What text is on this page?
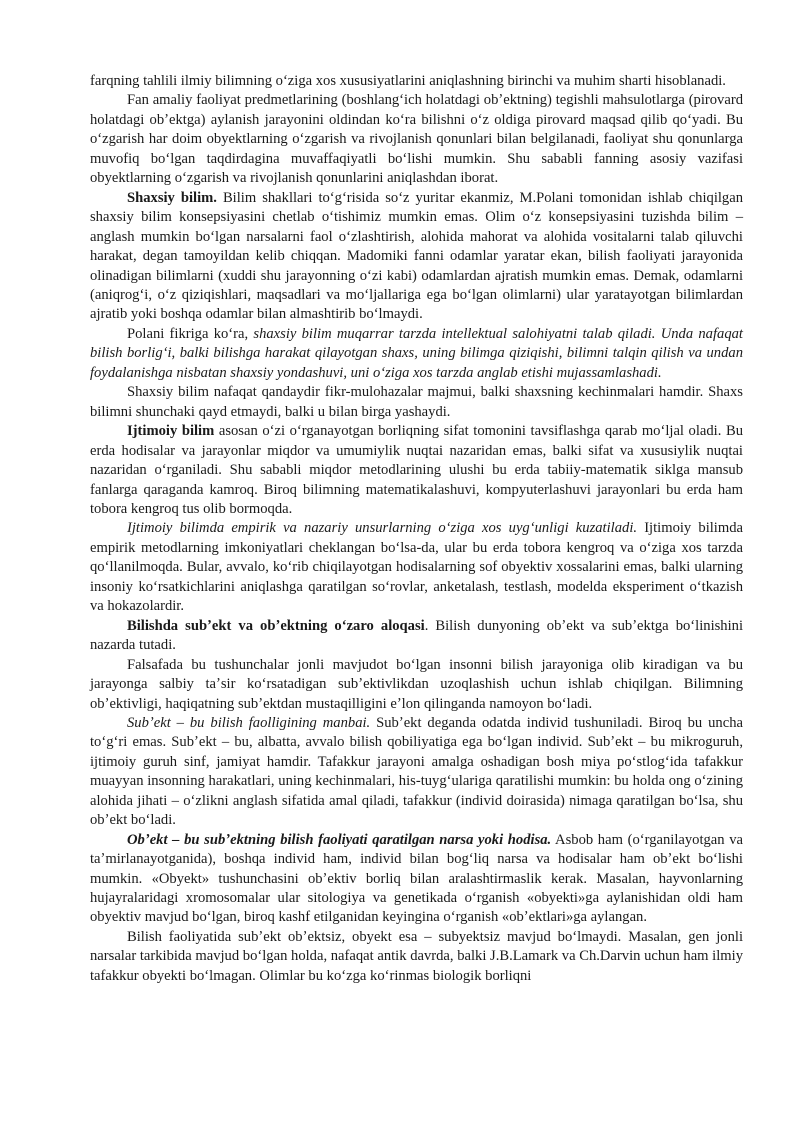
farqning tahlili ilmiy bilimning oʻziga xos xususiyatlarini aniqlashning birinchi va muhim sharti hisoblanadi.

Fan amaliy faoliyat predmetlarining (boshlangʻich holatdagi obʼektning) tegishli mahsulotlarga (pirovard holatdagi obʼektga) aylanish jarayonini oldindan koʻra bilishni oʻz oldiga pirovard maqsad qilib qoʻyadi. Bu oʻzgarish har doim obyektlarning oʻzgarish va rivojlanish qonunlari bilan belgilanadi, faoliyat shu qonunlarga muvofiq boʻlgan taqdirdagina muvaffaqiyatli boʻlishi mumkin. Shu sababli fanning asosiy vazifasi obyektlarning oʻzgarish va rivojlanish qonunlarini aniqlashdan iborat.

Shaxsiy bilim. Bilim shakllari toʻgʻrisida soʻz yuritar ekanmiz, M.Polani tomonidan ishlab chiqilgan shaxsiy bilim konsepsiyasini chetlab oʻtishimiz mumkin emas. Olim oʻz konsepsiyasini tuzishda bilim – anglash mumkin boʻlgan narsalarni faol oʻzlashtirish, alohida mahorat va alohida vositalarni talab qiluvchi harakat, degan tamoyildan kelib chiqqan. Madomiki fanni odamlar yaratar ekan, bilish faoliyati jarayonida olinadigan bilimlarni (xuddi shu jarayonning oʻzi kabi) odamlardan ajratish mumkin emas. Demak, odamlarni (aniqrogʻi, oʻz qiziqishlari, maqsadlari va moʻljallariga ega boʻlgan olimlarni) ular yaratayotgan bilimlardan ajratib yoki boshqa odamlar bilan almashtirib boʻlmaydi.

Polani fikriga koʻra, shaxsiy bilim muqarrar tarzda intellektual salohiyatni talab qiladi. Unda nafaqat bilish borligʻi, balki bilishga harakat qilayotgan shaxs, uning bilimga qiziqishi, bilimni talqin qilish va undan foydalanishga nisbatan shaxsiy yondashuvi, uni oʻziga xos tarzda anglab etishi mujassamlashadi.

Shaxsiy bilim nafaqat qandaydir fikr-mulohazalar majmui, balki shaxsning kechinmalari hamdir. Shaxs bilimni shunchaki qayd etmaydi, balki u bilan birga yashaydi.

Ijtimoiy bilim asosan oʻzi oʻrganayotgan borliqning sifat tomonini tavsiflashga qarab moʻljal oladi. Bu erda hodisalar va jarayonlar miqdor va umumiylik nuqtai nazaridan emas, balki sifat va xususiylik nuqtai nazaridan oʻrganiladi. Shu sababli miqdor metodlarining ulushi bu erda tabiiy-matematik siklga mansub fanlarga qaraganda kamroq. Biroq bilimning matematikalashuvi, kompyuterlashuvi jarayonlari bu erda ham tobora kengroq tus olib bormoqda.

Ijtimoiy bilimda empirik va nazariy unsurlarning oʻziga xos uygʻunligi kuzatiladi. Ijtimoiy bilimda empirik metodlarning imkoniyatlari cheklangan boʻlsa-da, ular bu erda tobora kengroq va oʻziga xos tarzda qoʻllanilmoqda. Bular, avvalo, koʻrib chiqilayotgan hodisalarning sof obyektiv xossalarini emas, balki ularning insoniy koʻrsatkichlarini aniqlashga qaratilgan soʻrovlar, anketalash, testlash, modelda eksperiment oʻtkazish va hokazolardir.

Bilishda subʼekt va obʼektning oʻzaro aloqasi. Bilish dunyoning obʼekt va subʼektga boʻlinishini nazarda tutadi.

Falsafada bu tushunchalar jonli mavjudot boʻlgan insonni bilish jarayoniga olib kiradigan va bu jarayonga salbiy taʼsir koʻrsatadigan subʼektivlikdan uzoqlashish uchun ishlab chiqilgan. Bilimning obʼektivligi, haqiqatning subʼektdan mustaqilligini eʼlon qilinganda namoyon boʻladi.

Subʼekt – bu bilish faolligining manbai. Subʼekt deganda odatda individ tushuniladi. Biroq bu uncha toʻgʻri emas. Subʼekt – bu, albatta, avvalo bilish qobiliyatiga ega boʻlgan individ. Subʼekt – bu mikroguruh, ijtimoiy guruh sinf, jamiyat hamdir. Tafakkur jarayoni amalga oshadigan bosh miya poʻstlogʻida tafakkur muayyan insonning harakatlari, uning kechinmalari, his-tuygʻulariga qaratilishi mumkin: bu holda ong oʻzining alohida jihati – oʻzlikni anglash sifatida amal qiladi, tafakkur (individ doirasida) nimaga qaratilgan boʻlsa, shu obʼekt boʻladi.

Obʼekt – bu subʼektning bilish faoliyati qaratilgan narsa yoki hodisa. Asbob ham (oʻrganilayotgan va taʼmirlanayotganida), boshqa individ ham, individ bilan bogʻliq narsa va hodisalar ham obʼekt boʻlishi mumkin. «Obyekt» tushunchasini obʼektiv borliq bilan aralashtirmaslik kerak. Masalan, hayvonlarning hujayralaridagi xromosomalar ular sitologiya va genetikada oʻrganish «obyekti»ga aylanishidan oldi ham obyektiv mavjud boʻlgan, biroq kashf etilganidan keyingina oʻrganish «obʼektlari»ga aylangan.

Bilish faoliyatida subʼekt obʼektsiz, obyekt esa – subyektsiz mavjud boʻlmaydi. Masalan, gen jonli narsalar tarkibida mavjud boʻlgan holda, nafaqat antik davrda, balki J.B.Lamark va Ch.Darvin uchun ham ilmiy tafakkur obyekti boʻlmagan. Olimlar bu koʻzga koʻrinmas biologik borliqni
